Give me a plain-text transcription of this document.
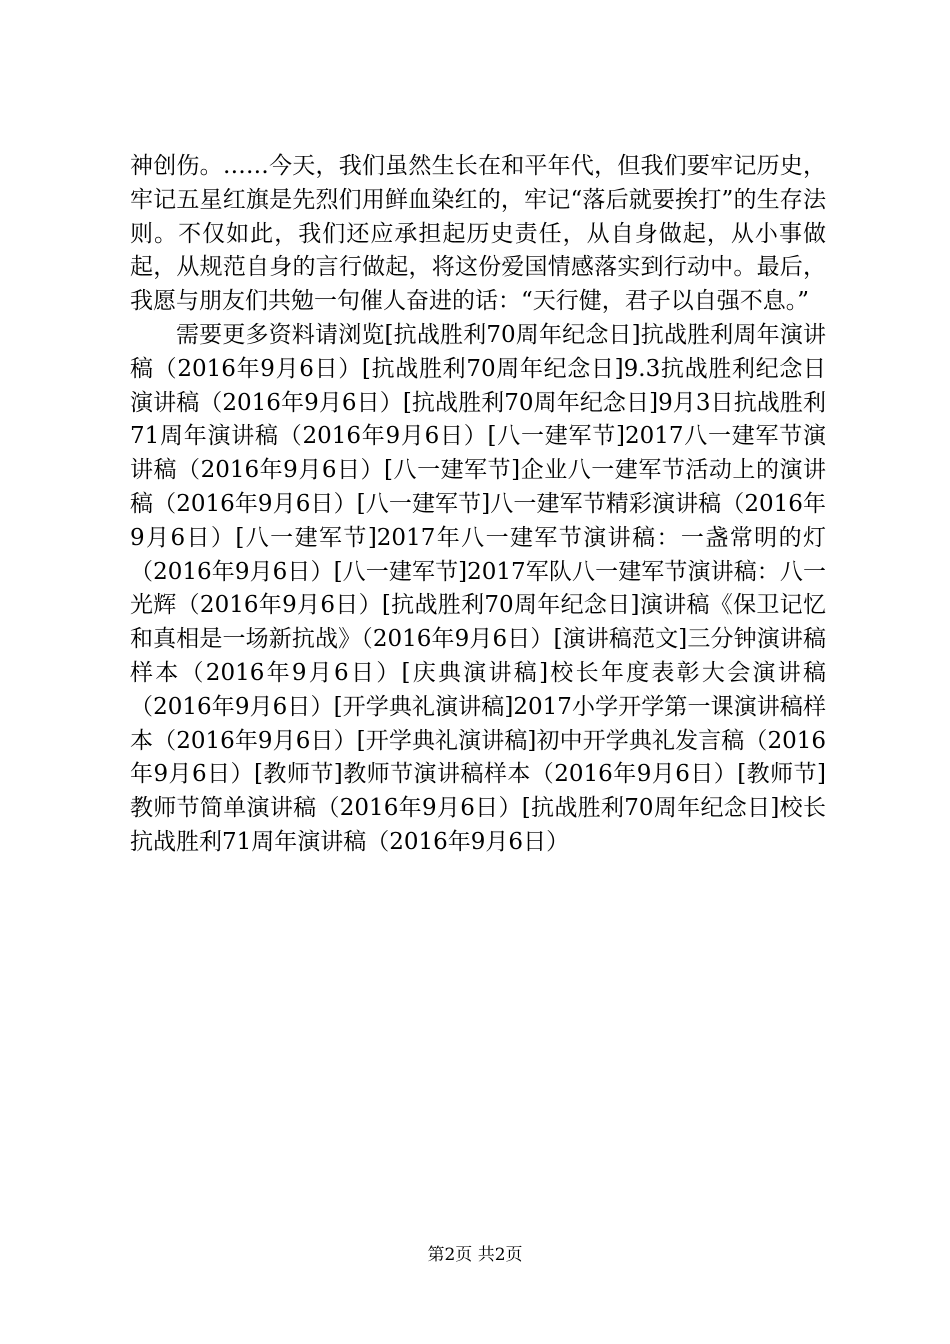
神创伤。……今天，我们虽然生长在和平年代，但我们要牢记历史，牢记五星红旗是先烈们用鲜血染红的，牢记“落后就要挨打”的生存法则。不仅如此，我们还应承担起历史责任，从自身做起，从小事做起，从规范自身的言行做起，将这份爱国情感落实到行动中。最后，我愿与朋友们共勉一句催人奋进的话：“天行健，君子以自强不息。”

需要更多资料请浏览[抗战胜利70周年纪念日]抗战胜利周年演讲稿（2016年9月6日）[抗战胜利70周年纪念日]9.3抗战胜利纪念日演讲稿（2016年9月6日）[抗战胜利70周年纪念日]9月3日抗战胜利71周年演讲稿（2016年9月6日）[八一建军节]2017八一建军节演讲稿（2016年9月6日）[八一建军节]企业八一建军节活动上的演讲稿（2016年9月6日）[八一建军节]八一建军节精彩演讲稿（2016年9月6日）[八一建军节]2017年八一建军节演讲稿：一盏常明的灯（2016年9月6日）[八一建军节]2017军队八一建军节演讲稿：八一光辉（2016年9月6日）[抗战胜利70周年纪念日]演讲稿《保卫记忆和真相是一场新抗战》（2016年9月6日）[演讲稿范文]三分钟演讲稿样本（2016年9月6日）[庆典演讲稿]校长年度表彰大会演讲稿（2016年9月6日）[开学典礼演讲稿]2017小学开学第一课演讲稿样本（2016年9月6日）[开学典礼演讲稿]初中开学典礼发言稿（2016年9月6日）[教师节]教师节演讲稿样本（2016年9月6日）[教师节]教师节简单演讲稿（2016年9月6日）[抗战胜利70周年纪念日]校长抗战胜利71周年演讲稿（2016年9月6日）

第2页 共2页
